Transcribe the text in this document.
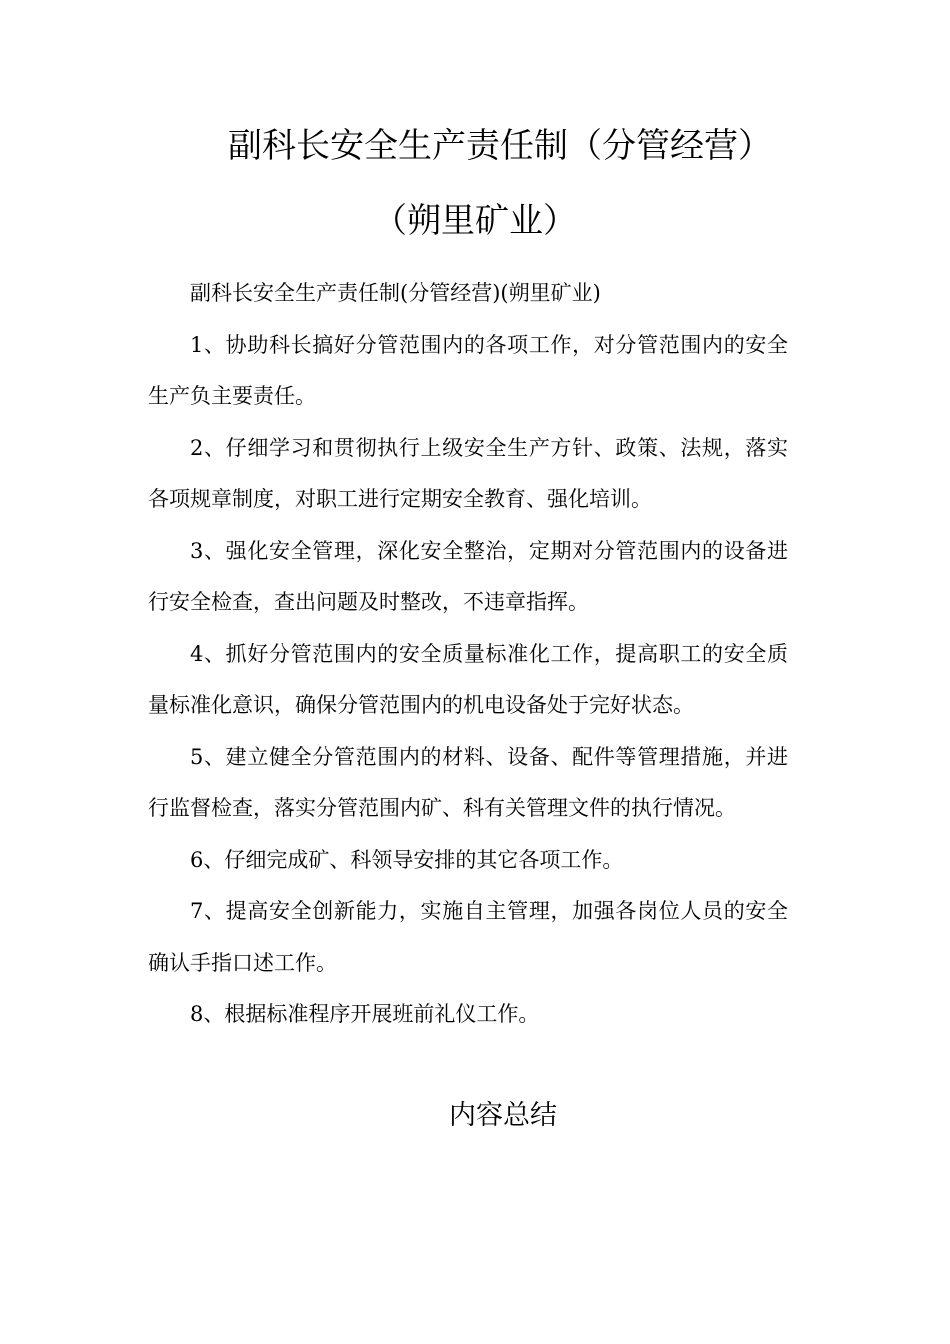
副科长安全生产责任制（分管经营）
（朔里矿业）

副科长安全生产责任制(分管经营)(朔里矿业)

1、协助科长搞好分管范围内的各项工作，对分管范围内的安全生产负主要责任。

2、仔细学习和贯彻执行上级安全生产方针、政策、法规，落实各项规章制度，对职工进行定期安全教育、强化培训。

3、强化安全管理，深化安全整治，定期对分管范围内的设备进行安全检查，查出问题及时整改，不违章指挥。

4、抓好分管范围内的安全质量标准化工作，提高职工的安全质量标准化意识，确保分管范围内的机电设备处于完好状态。

5、建立健全分管范围内的材料、设备、配件等管理措施，并进行监督检查，落实分管范围内矿、科有关管理文件的执行情况。

6、仔细完成矿、科领导安排的其它各项工作。

7、提高安全创新能力，实施自主管理，加强各岗位人员的安全确认手指口述工作。

8、根据标准程序开展班前礼仪工作。

内容总结
